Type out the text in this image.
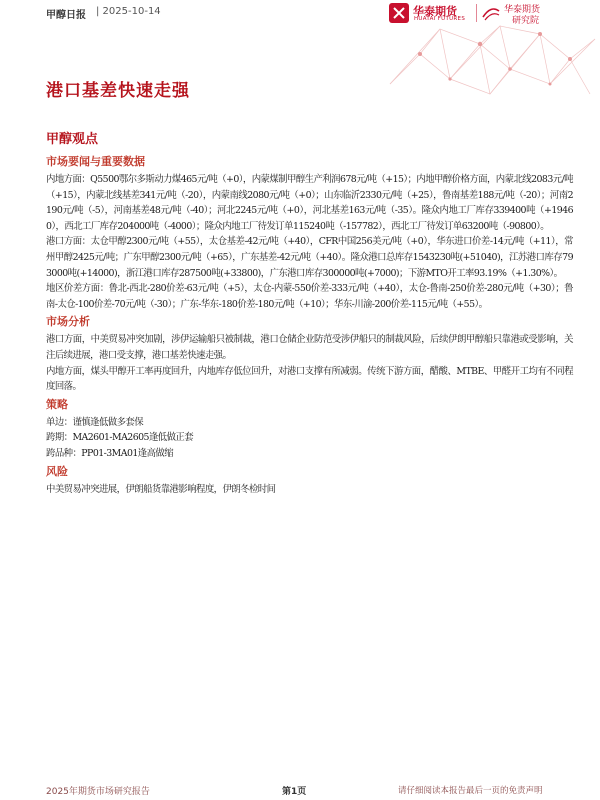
甲醇日报 | 2025-10-14	华泰期货
HUATAI FUTURES
华泰期货
研究院
港口基差快速走强
甲醇观点
市场要闻与重要数据

内地方面：Q5500鄂尔多斯动力煤465元/吨（+0），内蒙煤制甲醇生产利润678元/吨（+15）；内地甲醇价格方面，内蒙北线2083元/吨（+15），内蒙北线基差341元/吨（-20），内蒙南线2080元/吨（+0）；山东临沂2330元/吨（+25），鲁南基差188元/吨（-20）；河南2190元/吨（-5），河南基差48元/吨（-40）；河北2245元/吨（+0），河北基差163元/吨（-35）。隆众内地工厂库存339400吨（+19460），西北工厂库存204000吨（-4000）；隆众内地工厂待发订单115240吨（-157782），西北工厂待发订单63200吨（-90800）。

港口方面：太仓甲醇2300元/吨（+55），太仓基差-42元/吨（+40），CFR中国256美元/吨（+0），华东进口价差-14元/吨（+11），常州甲醇2425元/吨；广东甲醇2300元/吨（+65），广东基差-42元/吨（+40）。隆众港口总库存1543230吨(+51040)，江苏港口库存793000吨(+14000)，浙江港口库存287500吨(+33800)，广东港口库存300000吨(+7000)；下游MTO开工率93.19%（+1.30%）。

地区价差方面：鲁北-西北-280价差-63元/吨（+5），太仓-内蒙-550价差-333元/吨（+40），太仓-鲁南-250价差-280元/吨（+30）；鲁南-太仓-100价差-70元/吨（-30）；广东-华东-180价差-180元/吨（+10）；华东-川渝-200价差-115元/吨（+55）。

市场分析

港口方面，中美贸易冲突加剧，涉伊运输船只被制裁，港口仓储企业防范受涉伊船只的制裁风险，后续伊朗甲醇船只靠港或受影响，关注后续进展，港口受支撑，港口基差快速走强。

内地方面，煤头甲醇开工率再度回升，内地库存低位回升，对港口支撑有所减弱。传统下游方面，醋酸、MTBE、甲醛开工均有不同程度回落。

策略

单边：谨慎逢低做多套保

跨期：MA2601-MA2605逢低做正套

跨品种：PP01-3MA01逢高做缩

风险

中美贸易冲突进展，伊朗船货靠港影响程度，伊朗冬检时间

2025年期货市场研究报告	第1页	请仔细阅读本报告最后一页的免责声明
